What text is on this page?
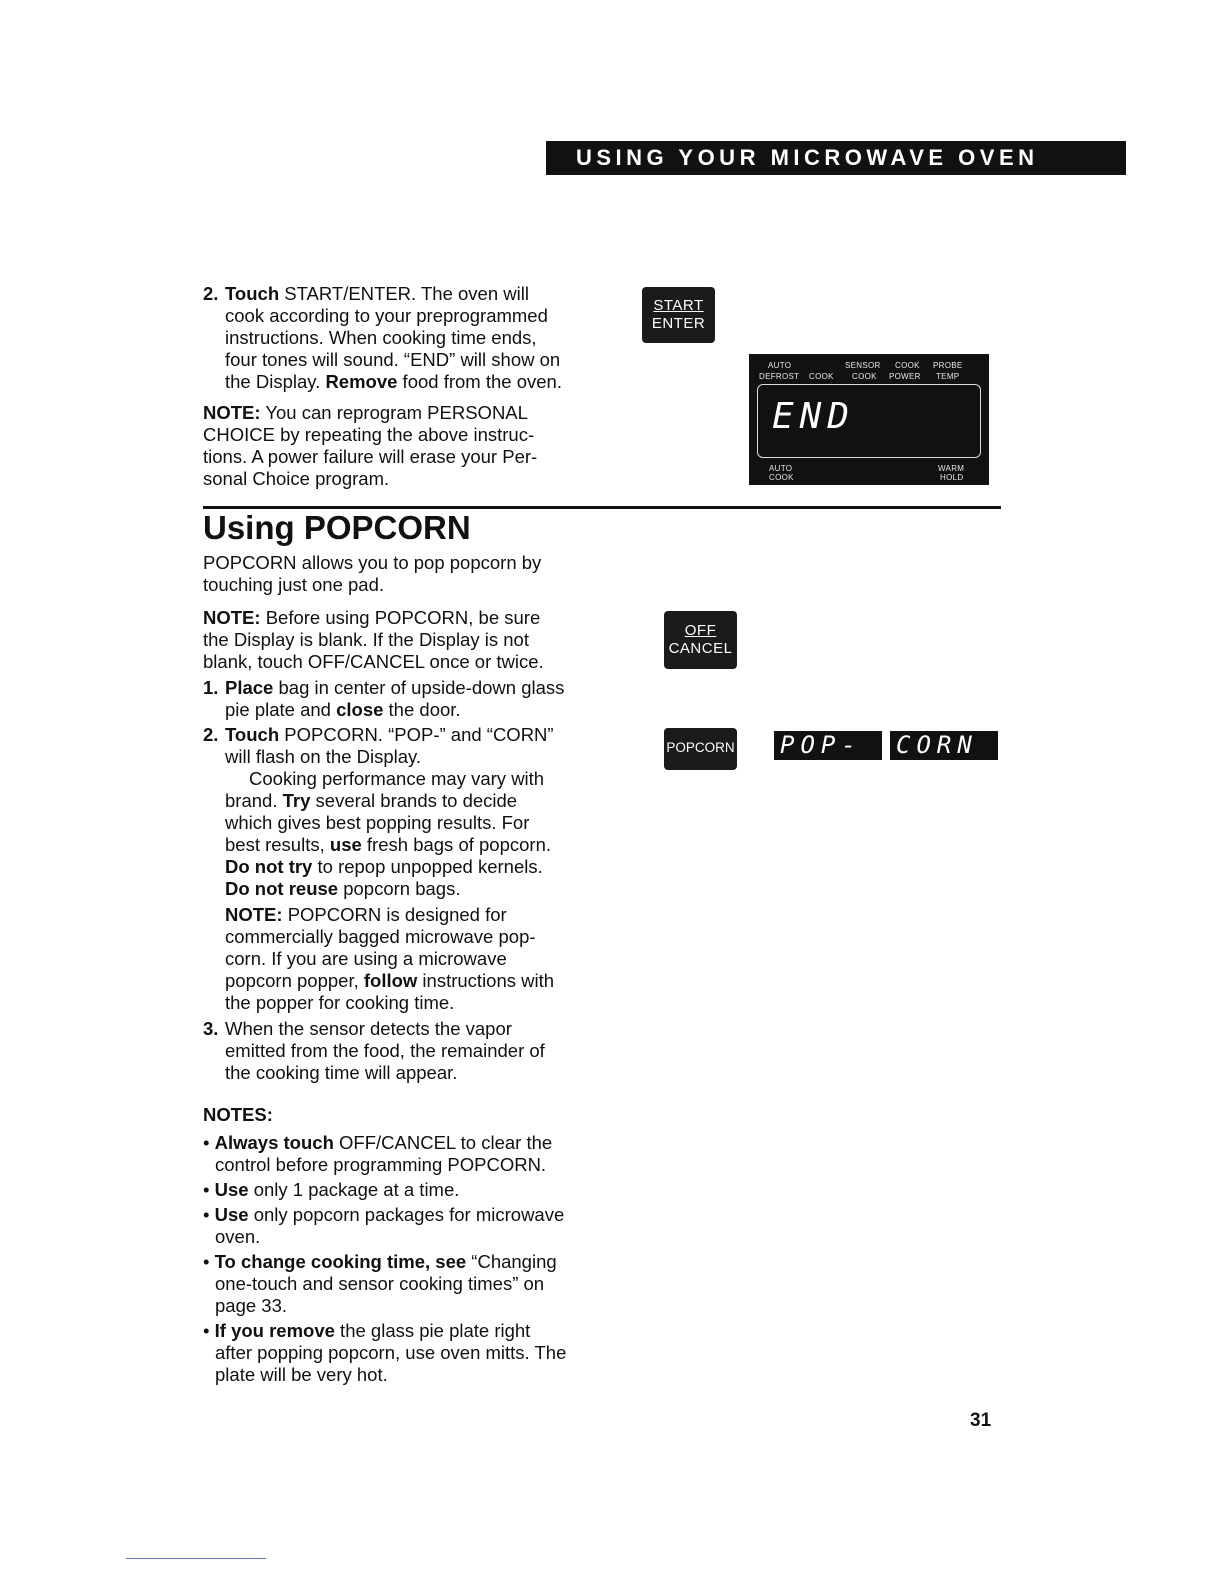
USING YOUR MICROWAVE OVEN
2. Touch START/ENTER. The oven will
cook according to your preprogrammed
instructions. When cooking time ends,
four tones will sound. “END” will show on
the Display. Remove food from the oven.
NOTE: You can reprogram PERSONAL
CHOICE by repeating the above instruc-
tions. A power failure will erase your Per-
sonal Choice program.
START
ENTER
AUTO	SENSOR COOK PROBE
DEFROST COOK COOK POWER TEMP
END
AUTO
COOK
WARM
HOLD
Using POPCORN
POPCORN allows you to pop popcorn by
touching just one pad.
NOTE: Before using POPCORN, be sure
the Display is blank. If the Display is not
blank, touch OFF/CANCEL once or twice.
1. Place bag in center of upside-down glass
pie plate and close the door.
2. Touch POPCORN. “POP-” and “CORN”
will flash on the Display.
Cooking performance may vary with
brand. Try several brands to decide
which gives best popping results. For
best results, use fresh bags of popcorn.
Do not try to repop unpopped kernels.
Do not reuse popcorn bags.
NOTE: POPCORN is designed for
commercially bagged microwave pop-
corn. If you are using a microwave
popcorn popper, follow instructions with
the popper for cooking time.
3. When the sensor detects the vapor
emitted from the food, the remainder of
the cooking time will appear.
OFF
CANCEL
POPCORN POP-	CORN
NOTES:
• Always touch OFF/CANCEL to clear the
control before programming POPCORN.
• Use only 1 package at a time.
• Use only popcorn packages for microwave
oven.
• To change cooking time, see “Changing
one-touch and sensor cooking times” on
page 33.
• If you remove the glass pie plate right
after popping popcorn, use oven mitts. The
plate will be very hot.
31
